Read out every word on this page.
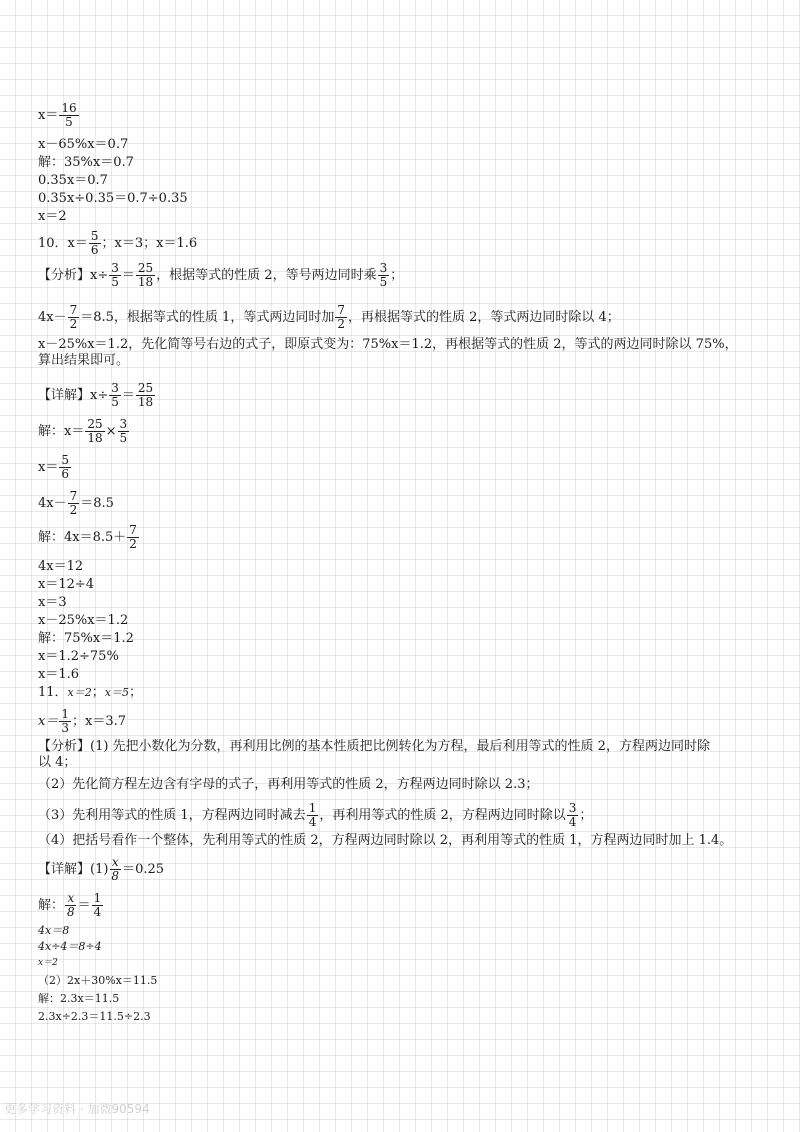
$x= \frac{16}{5}$
x－65%x＝0.7
解：35%x＝0.7
0.35x＝0.7
0.35x÷0.35＝0.7÷0.35
x＝2
10．$x= \frac{5}{6}$ ；x＝3；x＝1.6
【分析】$x\div \frac{3}{5} = \frac{25}{18}$ ，根据等式的性质 2，等号两边同时乘 $\frac{3}{5}$ ；
$4x- \frac{7}{2} =8.5$，根据等式的性质 1，等式两边同时加 $\frac{7}{2}$ ，再根据等式的性质 2，等式两边同时除以 4；
x－25%x＝1.2，先化简等号右边的式子，即原式变为：75%x＝1.2，再根据等式的性质 2，等式的两边同时除以 75%，
算出结果即可。
【详解】$x\div \frac{3}{5} = \frac{25}{18}$
解：$x= \frac{25}{18} \times \frac{3}{5}$
$x= \frac{5}{6}$
$4x- \frac{7}{2} =8.5$
解：$4x=8.5+ \frac{7}{2}$
4x＝12
x＝12÷4
x＝3
x－25%x＝1.2
解：75%x＝1.2
x＝1.2÷75%
x＝1.6
11．x＝2；x＝5；
$x= \frac{1}{3}$ ；x＝3.7
【分析】(1) 先把小数化为分数，再利用比例的基本性质把比例转化为方程，最后利用等式的性质 2，方程两边同时除
以 4；
（2）先化简方程左边含有字母的式子，再利用等式的性质 2，方程两边同时除以 2.3；
（3）先利用等式的性质 1，方程两边同时减去 $\frac{1}{4}$ ，再利用等式的性质 2，方程两边同时除以 $\frac{3}{4}$ ；
（4）把括号看作一个整体，先利用等式的性质 2，方程两边同时除以 2，再利用等式的性质 1，方程两边同时加上 1.4。
【详解】$(1) \frac{x}{8} =0.25$
解： $\frac{x}{8} = \frac{1}{4}$
4x＝8
4x÷4＝8÷4
x＝2
（2）2x＋30%x＝11.5
解：2.3x＝11.5
2.3x÷2.3＝11.5÷2.3
更多学习资料 · 加微90594
